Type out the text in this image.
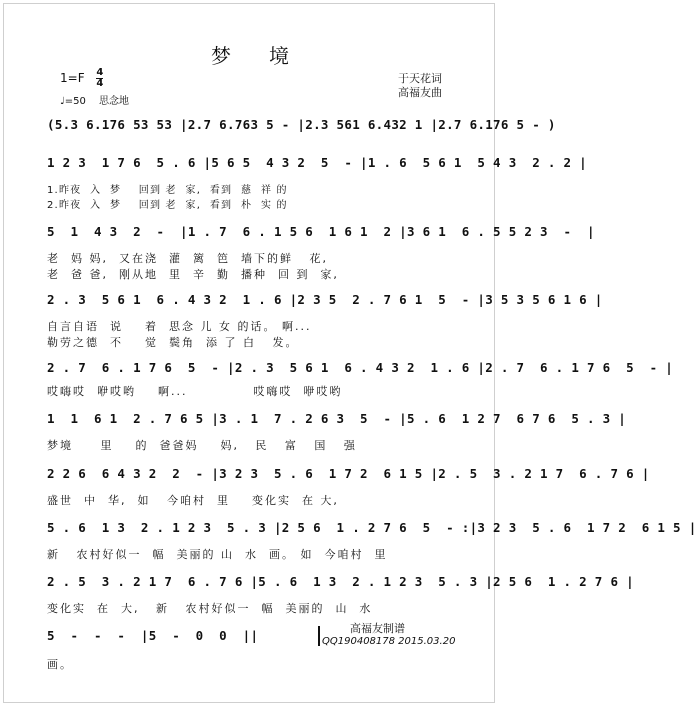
梦境
$1=F \frac{4}{4}$
♩=50 思念地
于天花词
高福友曲
(5.3 6.176 53 53 |2.7 6.763 5 - |2.3 561 6.432 1 |2.7 6.176 5 - )
1 2 3  1 7 6  5 . 6 |5 6 5  4 3 2  5  - |1 . 6  5 6 1  5 4 3  2 . 2 |
1.昨夜  入  梦    回到 老  家,  看到  慈  祥 的
2.昨夜  入  梦    回到 老  家,  看到  朴  实 的
5  1  4 3  2  -  |1 . 7  6 . 1 5 6  1 6 1  2 |3 6 1  6 . 5 5 2 3  -  |
老  妈 妈,  又在浇  灌  篱  笆  墙下的鲜   花,
老  爸 爸,  刚从地  里  辛  勤  播种  回 到  家,
2 . 3  5 6 1  6 . 4 3 2  1 . 6 |2 3 5  2 . 7 6 1  5  - |3 5 3 5 6 1 6 |
自言自语  说    着  思念 儿 女 的话。 啊...
勒劳之德  不    觉  鬓角  添 了 白   发。
2 . 7  6 . 1 7 6  5  - |2 . 3  5 6 1  6 . 4 3 2  1 . 6 |2 . 7  6 . 1 7 6  5  - |
哎嗨哎  咿哎哟    啊...            哎嗨哎  咿哎哟
1  1  6 1  2 . 7 6 5 |3 . 1  7 . 2 6 3  5  - |5 . 6  1 2 7  6 7 6  5 . 3 |
梦境     里    的  爸爸妈    妈,   民   富   国   强
2 2 6  6 4 3 2  2  - |3 2 3  5 . 6  1 7 2  6 1 5 |2 . 5  3 . 2 1 7  6 . 7 6 |
盛世  中  华,  如   今咱村  里    变化实  在 大,
5 . 6  1 3  2 . 1 2 3  5 . 3 |2 5 6  1 . 2 7 6  5  - :|3 2 3  5 . 6  1 7 2  6 1 5 |
新   农村好似一  幅  美丽的 山  水  画。 如  今咱村  里
2 . 5  3 . 2 1 7  6 . 7 6 |5 . 6  1 3  2 . 1 2 3  5 . 3 |2 5 6  1 . 2 7 6 |
变化实  在  大,   新   农村好似一  幅  美丽的  山  水
5  -  -  -  |5  -  0  0  ||
画。
高福友制谱
QQ190408178 2015.03.20
